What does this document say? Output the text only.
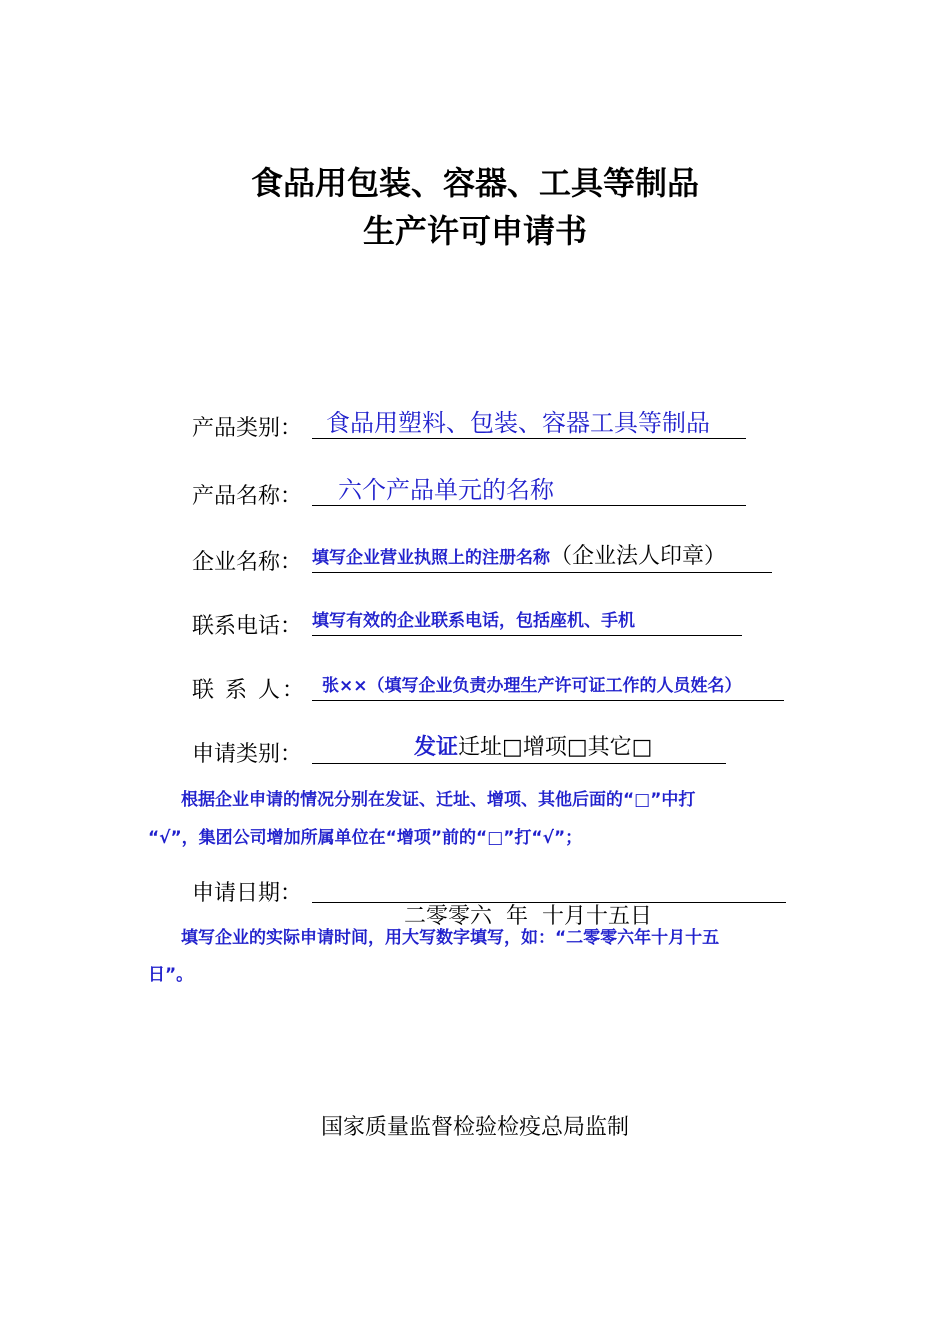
食品用包装、容器、工具等制品
生产许可申请书
产品类别： 食品用塑料、包装、容器工具等制品
产品名称：	六个产品单元的名称
企业名称： 填写企业营业执照上的注册名称（企业法人印章）
联系电话： 填写有效的企业联系电话，包括座机、手机
联 系 人： 张××（填写企业负责办理生产许可证工作的人员姓名）
申请类别：	发证迁址□增项□其它□
根据企业申请的情况分别在发证、迁址、增项、其他后面的“□”中打
“√”，集团公司增加所属单位在“增项”前的“□”打“√”；
申请日期：

二零零六  年  十月十五日

填写企业的实际申请时间，用大写数字填写，如：“二零零六年十月十五
日”。
国家质量监督检验检疫总局监制
